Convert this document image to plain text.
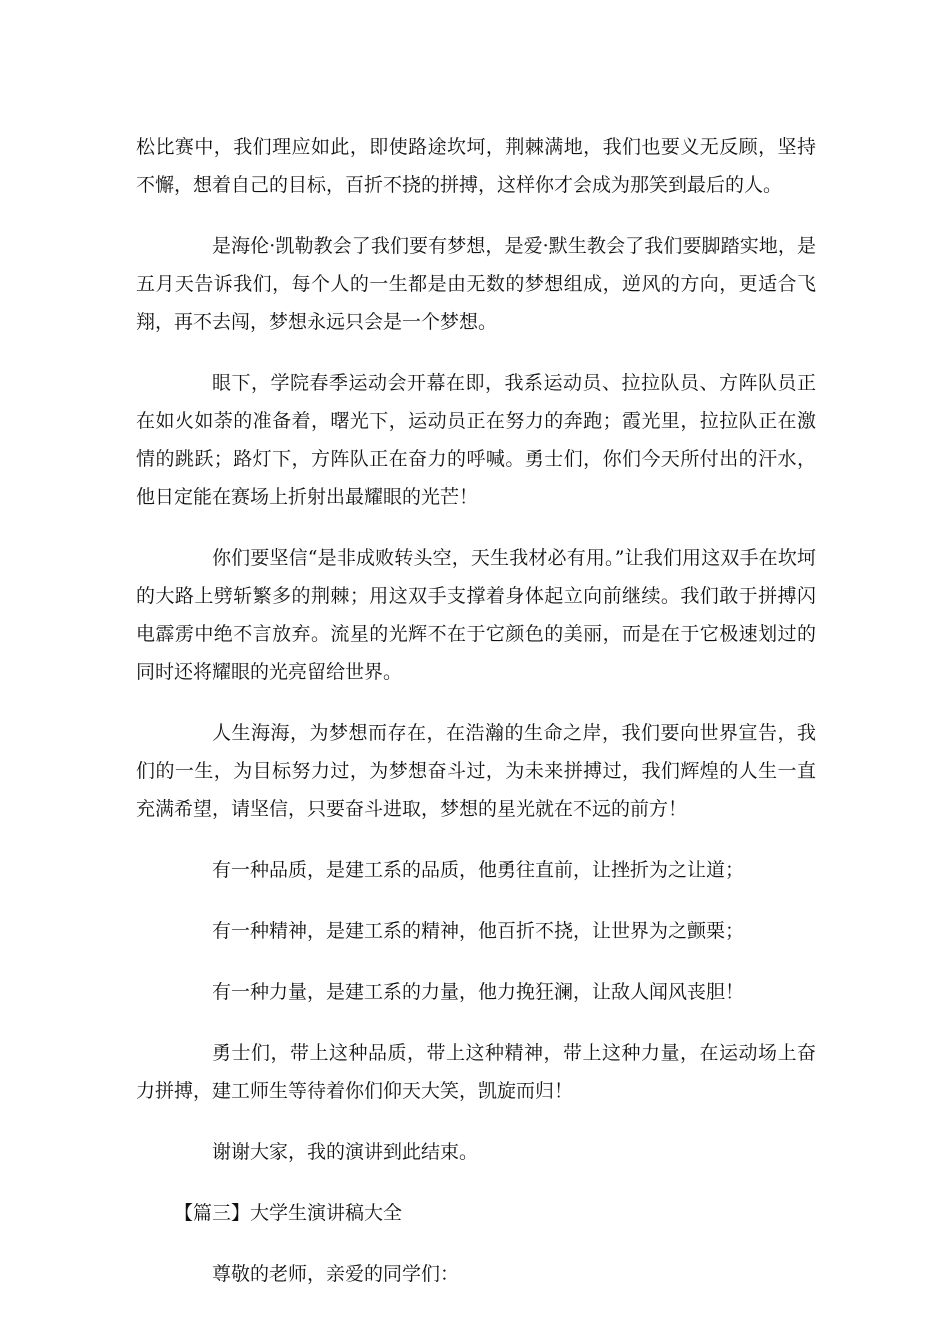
松比赛中，我们理应如此，即使路途坎坷，荆棘满地，我们也要义无反顾，坚持不懈，想着自己的目标，百折不挠的拼搏，这样你才会成为那笑到最后的人。

是海伦·凯勒教会了我们要有梦想，是爱·默生教会了我们要脚踏实地，是五月天告诉我们，每个人的一生都是由无数的梦想组成，逆风的方向，更适合飞翔，再不去闯，梦想永远只会是一个梦想。

眼下，学院春季运动会开幕在即，我系运动员、拉拉队员、方阵队员正在如火如荼的准备着，曙光下，运动员正在努力的奔跑；霞光里，拉拉队正在激情的跳跃；路灯下，方阵队正在奋力的呼喊。勇士们，你们今天所付出的汗水，他日定能在赛场上折射出最耀眼的光芒！

你们要坚信“是非成败转头空，天生我材必有用。”让我们用这双手在坎坷的大路上劈斩繁多的荆棘；用这双手支撑着身体起立向前继续。我们敢于拼搏闪电霹雳中绝不言放弃。流星的光辉不在于它颜色的美丽，而是在于它极速划过的同时还将耀眼的光亮留给世界。

人生海海，为梦想而存在，在浩瀚的生命之岸，我们要向世界宣告，我们的一生，为目标努力过，为梦想奋斗过，为未来拼搏过，我们辉煌的人生一直充满希望，请坚信，只要奋斗进取，梦想的星光就在不远的前方！

有一种品质，是建工系的品质，他勇往直前，让挫折为之让道；

有一种精神，是建工系的精神，他百折不挠，让世界为之颤栗；

有一种力量，是建工系的力量，他力挽狂澜，让敌人闻风丧胆！

勇士们，带上这种品质，带上这种精神，带上这种力量，在运动场上奋力拼搏，建工师生等待着你们仰天大笑，凯旋而归！

谢谢大家，我的演讲到此结束。

【篇三】大学生演讲稿大全

尊敬的老师，亲爱的同学们：
